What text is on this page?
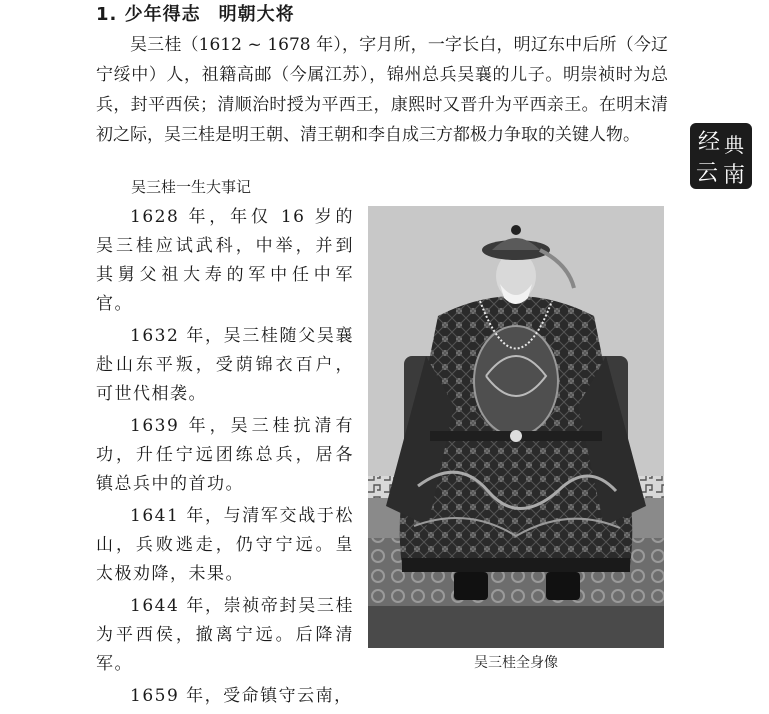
1. 少年得志 明朝大将

吴三桂（1612 ~ 1678 年），字月所，一字长白，明辽东中后所（今辽宁绥中）人，祖籍高邮（今属江苏），锦州总兵吴襄的儿子。明崇祯时为总兵，封平西侯；清顺治时授为平西王，康熙时又晋升为平西亲王。在明末清初之际，吴三桂是明王朝、清王朝和李自成三方都极力争取的关键人物。

吴三桂一生大事记

1628 年，年仅 16 岁的吴三桂应试武科，中举，并到其舅父祖大寿的军中任中军官。

1632 年，吴三桂随父吴襄赴山东平叛，受荫锦衣百户，可世代相袭。

1639 年，吴三桂抗清有功，升任宁远团练总兵，居各镇总兵中的首功。

1641 年，与清军交战于松山，兵败逃走，仍守宁远。皇太极劝降，未果。

1644 年，崇祯帝封吴三桂为平西侯，撤离宁远。后降清军。

1659 年，受命镇守云南，

吴三桂全身像
经 典
云 南
